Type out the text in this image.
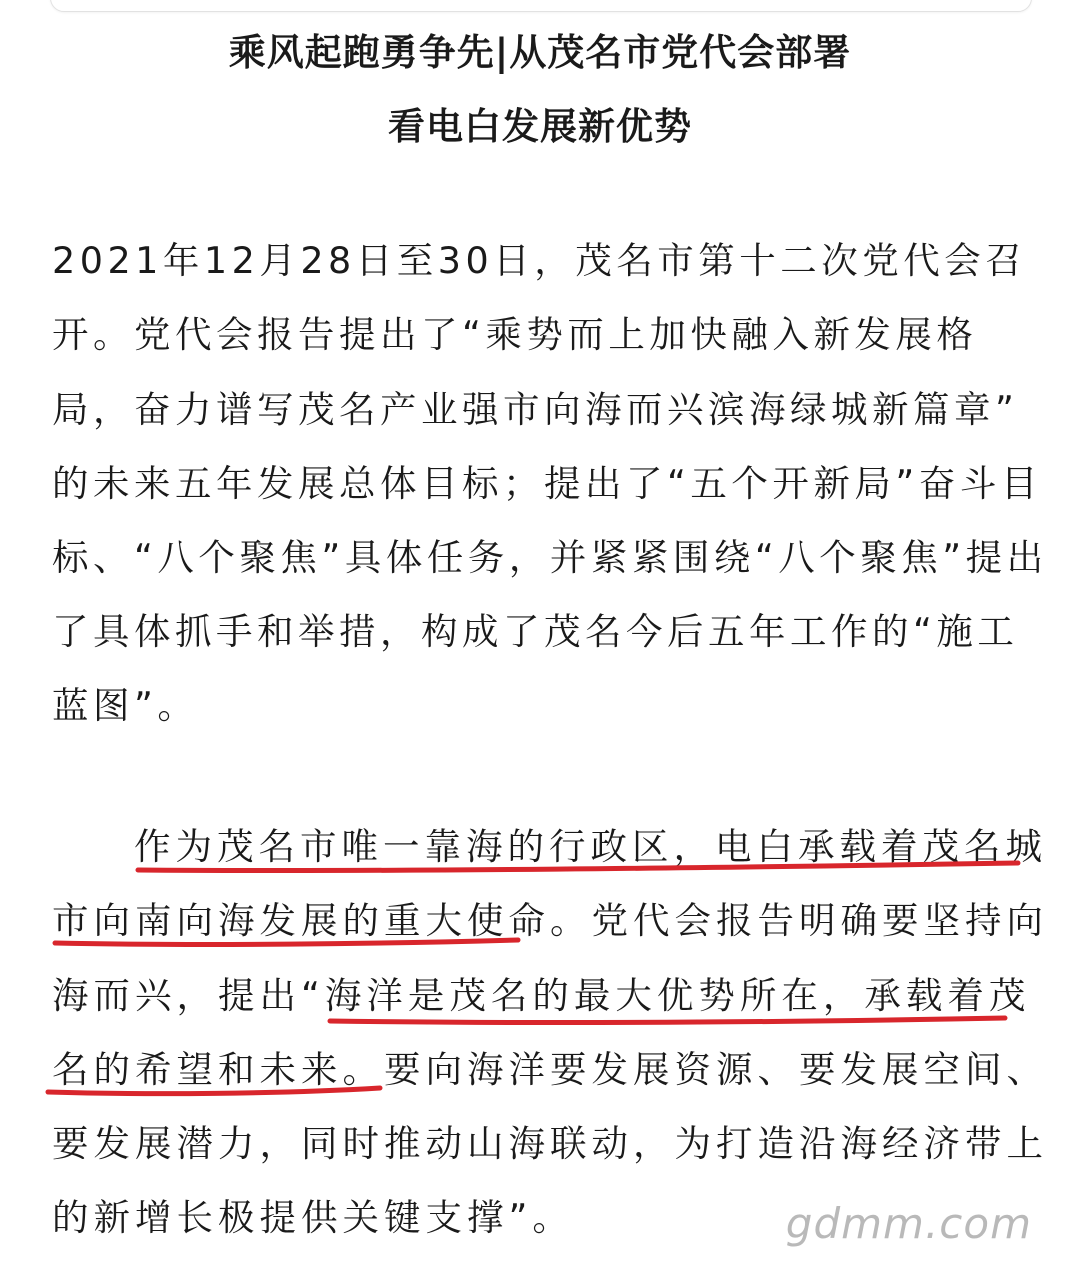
乘风起跑勇争先|从茂名市党代会部署
看电白发展新优势
2021年12月28日至30日，茂名市第十二次党代会召
开。党代会报告提出了“乘势而上加快融入新发展格
局，奋力谱写茂名产业强市向海而兴滨海绿城新篇章”
的未来五年发展总体目标；提出了“五个开新局”奋斗目
标、“八个聚焦”具体任务，并紧紧围绕“八个聚焦”提出
了具体抓手和举措，构成了茂名今后五年工作的“施工
蓝图”。
作为茂名市唯一靠海的行政区，电白承载着茂名城
市向南向海发展的重大使命。党代会报告明确要坚持向
海而兴，提出“海洋是茂名的最大优势所在，承载着茂
名的希望和未来。要向海洋要发展资源、要发展空间、
要发展潜力，同时推动山海联动，为打造沿海经济带上
的新增长极提供关键支撑”。	gdmm.com
